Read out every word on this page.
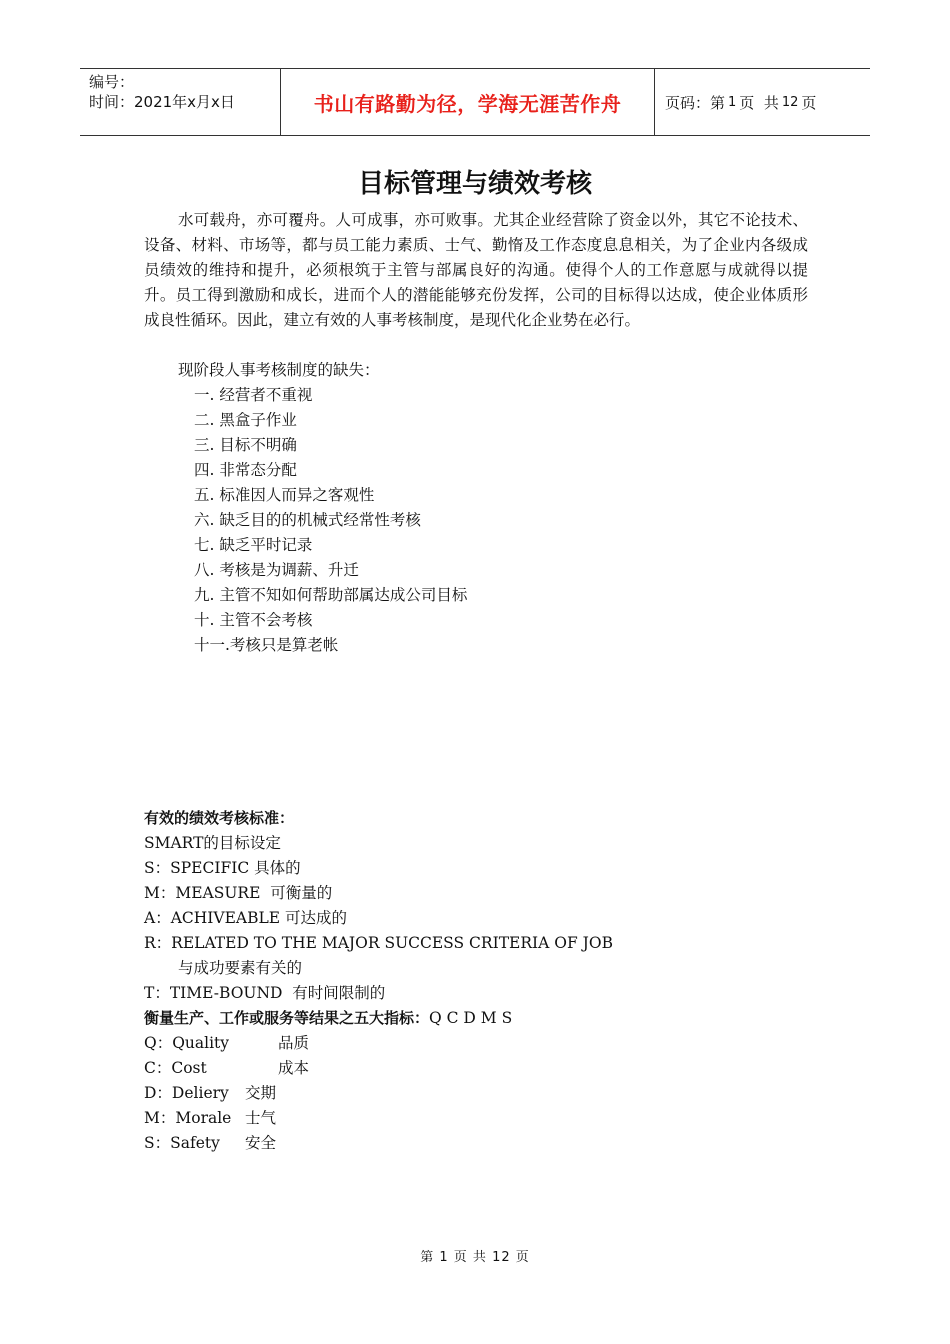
编号：
时间：2021年x月x日	书山有路勤为径，学海无涯苦作舟	页码：第 1 页  共 12 页
目标管理与绩效考核
水可载舟，亦可覆舟。人可成事，亦可败事。尤其企业经营除了资金以外，其它不论技术、设备、材料、市场等，都与员工能力素质、士气、勤惰及工作态度息息相关，为了企业内各级成员绩效的维持和提升，必须根筑于主管与部属良好的沟通。使得个人的工作意愿与成就得以提升。员工得到激励和成长，进而个人的潜能能够充份发挥，公司的目标得以达成，使企业体质形成良性循环。因此，建立有效的人事考核制度，是现代化企业势在必行。
现阶段人事考核制度的缺失：
一. 经营者不重视
二. 黑盒子作业
三. 目标不明确
四. 非常态分配
五. 标准因人而异之客观性
六. 缺乏目的的机械式经常性考核
七. 缺乏平时记录
八. 考核是为调薪、升迁
九. 主管不知如何帮助部属达成公司目标
十. 主管不会考核
十一.考核只是算老帐
有效的绩效考核标准：
SMART的目标设定
S：SPECIFIC 具体的
M：MEASURE  可衡量的
A：ACHIVEABLE 可达成的
R：RELATED TO THE MAJOR SUCCESS CRITERIA OF JOB
与成功要素有关的
T：TIME-BOUND  有时间限制的
衡量生产、工作或服务等结果之五大指标：Q C D M S
Q：Quality	品质
C：Cost	成本
D：Deliery 交期
M：Morale 士气
S：Safety 安全
第 1 页 共 12 页
